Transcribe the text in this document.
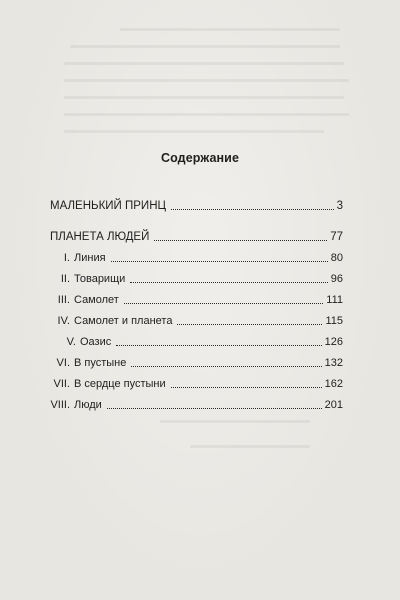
Содержание
МАЛЕНЬКИЙ ПРИНЦ	3
ПЛАНЕТА ЛЮДЕЙ	77
I. Линия	80
II. Товарищи	96
III. Самолет	111
IV. Самолет и планета	115
V. Оазис	126
VI. В пустыне	132
VII. В сердце пустыни	162
VIII. Люди	201
